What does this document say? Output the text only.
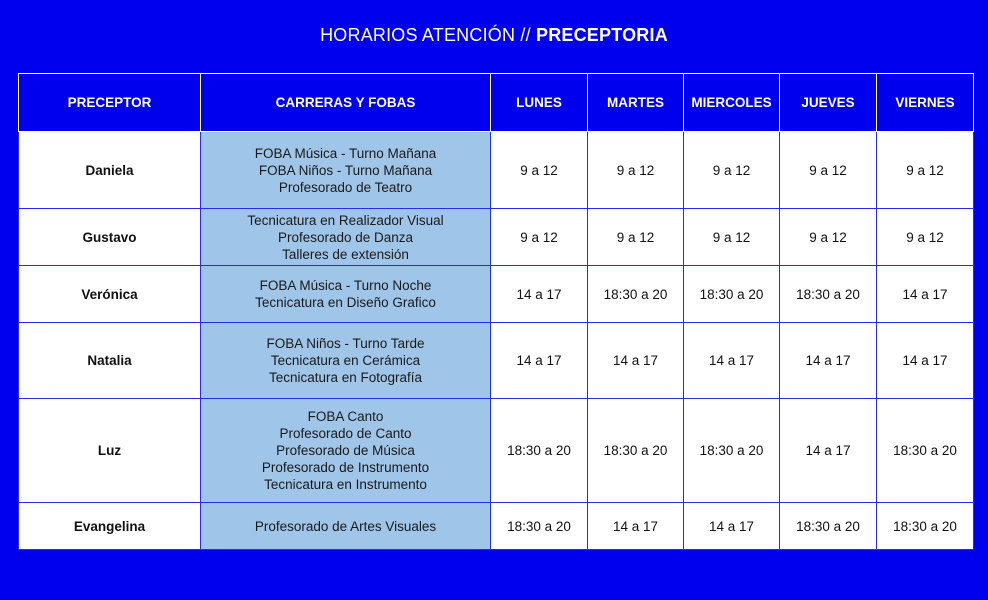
HORARIOS ATENCIÓN // PRECEPTORIA
PRECEPTOR	CARRERAS Y FOBAS	LUNES	MARTES	MIERCOLES	JUEVES	VIERNES
Daniela	FOBA Música - Turno Mañana
FOBA Niños - Turno Mañana
Profesorado de Teatro	9 a 12	9 a 12	9 a 12	9 a 12	9 a 12
Gustavo	Tecnicatura en Realizador Visual
Profesorado de Danza
Talleres de extensión	9 a 12	9 a 12	9 a 12	9 a 12	9 a 12
Verónica	FOBA Música - Turno Noche
Tecnicatura en Diseño Grafico	14 a 17	18:30 a 20	18:30 a 20	18:30 a 20	14 a 17
Natalia	FOBA Niños - Turno Tarde
Tecnicatura en Cerámica
Tecnicatura en Fotografía	14 a 17	14 a 17	14 a 17	14 a 17	14 a 17
Luz	FOBA Canto
Profesorado de Canto
Profesorado de Música
Profesorado de Instrumento
Tecnicatura en Instrumento	18:30 a 20	18:30 a 20	18:30 a 20	14 a 17	18:30 a 20
Evangelina	Profesorado de Artes Visuales	18:30 a 20	14 a 17	14 a 17	18:30 a 20	18:30 a 20
